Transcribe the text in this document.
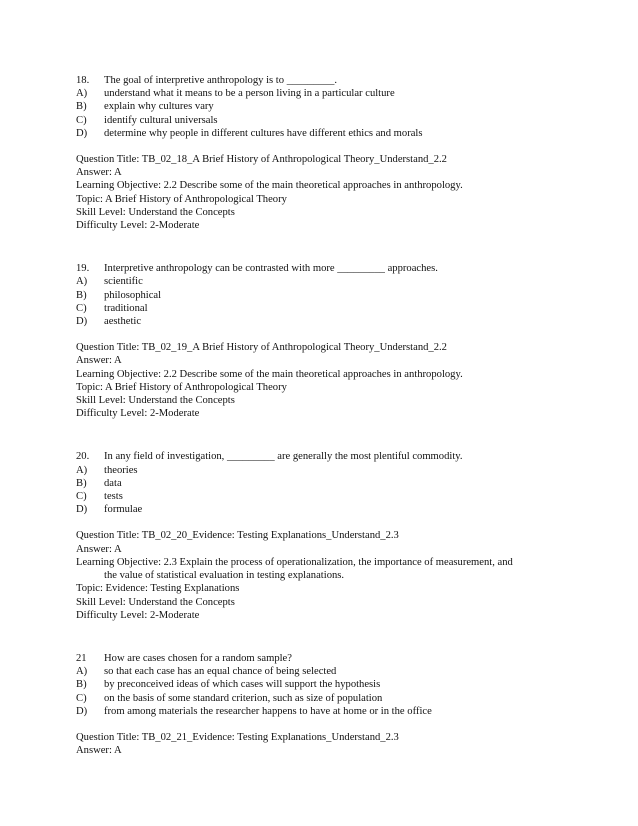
18.	The goal of interpretive anthropology is to _________.
A)	understand what it means to be a person living in a particular culture
B)	explain why cultures vary
C)	identify cultural universals
D)	determine why people in different cultures have different ethics and morals
Question Title: TB_02_18_A Brief History of Anthropological Theory_Understand_2.2
Answer: A
Learning Objective: 2.2 Describe some of the main theoretical approaches in anthropology.
Topic: A Brief History of Anthropological Theory
Skill Level: Understand the Concepts
Difficulty Level: 2-Moderate
19.	Interpretive anthropology can be contrasted with more _________ approaches.
A)	scientific
B)	philosophical
C)	traditional
D)	aesthetic
Question Title: TB_02_19_A Brief History of Anthropological Theory_Understand_2.2
Answer: A
Learning Objective: 2.2 Describe some of the main theoretical approaches in anthropology.
Topic: A Brief History of Anthropological Theory
Skill Level: Understand the Concepts
Difficulty Level: 2-Moderate
20.	In any field of investigation, _________ are generally the most plentiful commodity.
A)	theories
B)	data
C)	tests
D)	formulae
Question Title: TB_02_20_Evidence: Testing Explanations_Understand_2.3
Answer: A
Learning Objective: 2.3 Explain the process of operationalization, the importance of measurement, and
the value of statistical evaluation in testing explanations.
Topic: Evidence: Testing Explanations
Skill Level: Understand the Concepts
Difficulty Level: 2-Moderate
21	How are cases chosen for a random sample?
A)	so that each case has an equal chance of being selected
B)	by preconceived ideas of which cases will support the hypothesis
C)	on the basis of some standard criterion, such as size of population
D)	from among materials the researcher happens to have at home or in the office
Question Title: TB_02_21_Evidence: Testing Explanations_Understand_2.3
Answer: A
